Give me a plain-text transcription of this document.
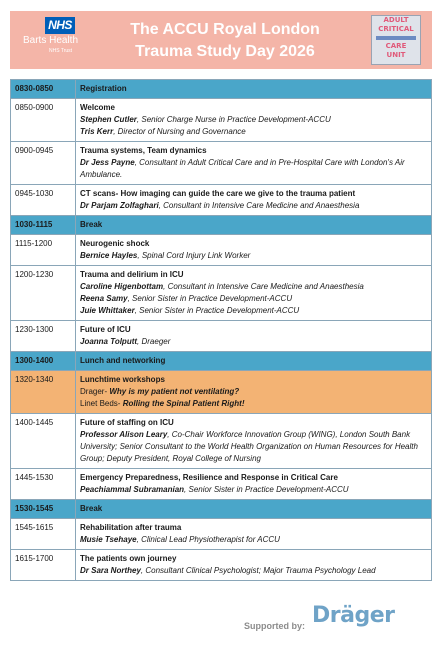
NHS
Barts Health
NHS Trust
The ACCU Royal London
Trauma Study Day 2026
ADULT
CRITICAL
CARE
UNIT
0830-0850	Registration

0850-0900	Welcome
Stephen Cutler, Senior Charge Nurse in Practice Development-ACCU
Tris Kerr, Director of Nursing and Governance

0900-0945	Trauma systems, Team dynamics
Dr Jess Payne, Consultant in Adult Critical Care and in Pre-Hospital Care with London's Air Ambulance.

0945-1030	CT scans- How imaging can guide the care we give to the trauma patient
Dr Parjam Zolfaghari, Consultant in Intensive Care Medicine and Anaesthesia

1030-1115	Break

1115-1200	Neurogenic shock
Bernice Hayles, Spinal Cord Injury Link Worker

1200-1230	Trauma and delirium in ICU
Caroline Higenbottam, Consultant in Intensive Care Medicine and Anaesthesia
Reena Samy, Senior Sister in Practice Development-ACCU
Juie Whittaker, Senior Sister in Practice Development-ACCU

1230-1300	Future of ICU
Joanna Tolputt, Draeger

1300-1400	Lunch and networking

1320-1340	Lunchtime workshops
Drager- Why is my patient not ventilating?
Linet Beds- Rolling the Spinal Patient Right!

1400-1445	Future of staffing on ICU
Professor Alison Leary, Co-Chair Workforce Innovation Group (WING), London South Bank University; Senior Consultant to the World Health Organization on Human Resources for Health Group; Deputy President, Royal College of Nursing

1445-1530	Emergency Preparedness, Resilience and Response in Critical Care
Peachiammal Subramanian, Senior Sister in Practice Development-ACCU

1530-1545	Break

1545-1615	Rehabilitation after trauma
Musie Tsehaye, Clinical Lead Physiotherapist for ACCU

1615-1700	The patients own journey
Dr Sara Northey, Consultant Clinical Psychologist; Major Trauma Psychology Lead
Supported by: Dräger
